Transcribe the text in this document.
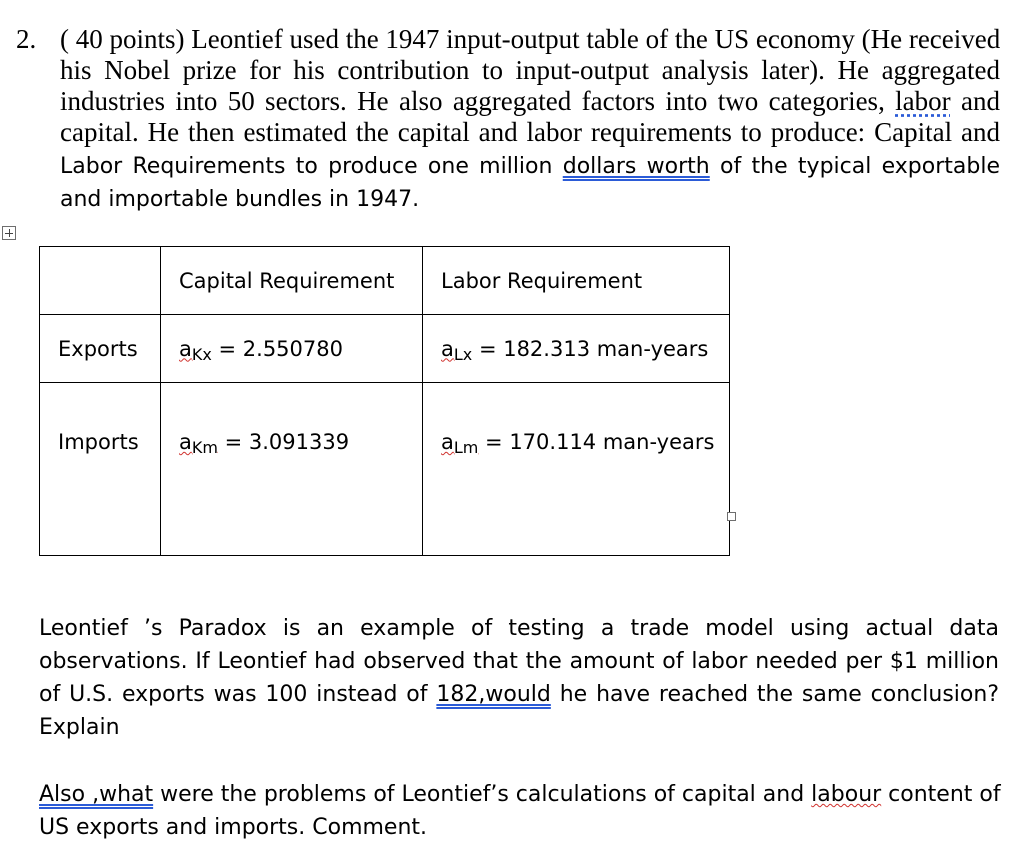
2. ( 40 points) Leontief used the 1947 input-output table of the US economy (He received
his Nobel prize for his contribution to input-output analysis later). He aggregated
industries into 50 sectors. He also aggregated factors into two categories, labor and
capital. He then estimated the capital and labor requirements to produce: Capital and
Labor Requirements to produce one million dollars worth of the typical exportable
and importable bundles in 1947.
	Capital Requirement	Labor Requirement
Exports	aKx = 2.550780	aLx = 182.313 man-years
Imports	aKm = 3.091339	aLm = 170.114 man-years
Leontief ’s Paradox is an example of testing a trade model using actual data
observations. If Leontief had observed that the amount of labor needed per $1 million
of U.S. exports was 100 instead of 182,would he have reached the same conclusion?
Explain
Also ,what were the problems of Leontief’s calculations of capital and labour content of
US exports and imports. Comment.
